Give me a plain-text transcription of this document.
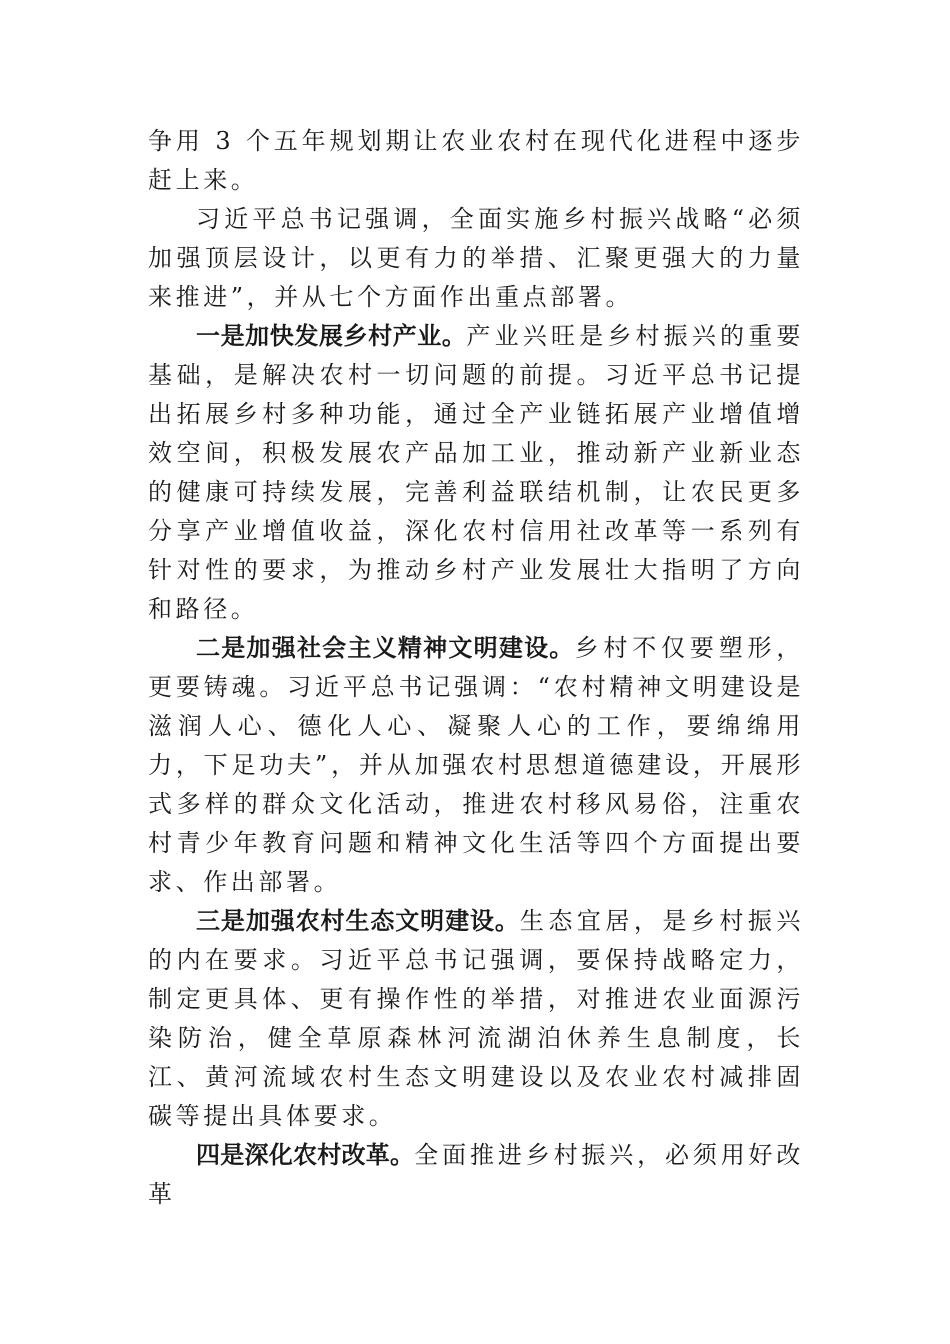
争用 3 个五年规划期让农业农村在现代化进程中逐步赶上来。

习近平总书记强调，全面实施乡村振兴战略“必须加强顶层设计，以更有力的举措、汇聚更强大的力量来推进”，并从七个方面作出重点部署。

一是加快发展乡村产业。产业兴旺是乡村振兴的重要基础，是解决农村一切问题的前提。习近平总书记提出拓展乡村多种功能，通过全产业链拓展产业增值增效空间，积极发展农产品加工业，推动新产业新业态的健康可持续发展，完善利益联结机制，让农民更多分享产业增值收益，深化农村信用社改革等一系列有针对性的要求，为推动乡村产业发展壮大指明了方向和路径。

二是加强社会主义精神文明建设。乡村不仅要塑形，更要铸魂。习近平总书记强调：“农村精神文明建设是滋润人心、德化人心、凝聚人心的工作，要绵绵用力，下足功夫”，并从加强农村思想道德建设，开展形式多样的群众文化活动，推进农村移风易俗，注重农村青少年教育问题和精神文化生活等四个方面提出要求、作出部署。

三是加强农村生态文明建设。生态宜居，是乡村振兴的内在要求。习近平总书记强调，要保持战略定力，制定更具体、更有操作性的举措，对推进农业面源污染防治，健全草原森林河流湖泊休养生息制度，长江、黄河流域农村生态文明建设以及农业农村减排固碳等提出具体要求。

四是深化农村改革。全面推进乡村振兴，必须用好改革
